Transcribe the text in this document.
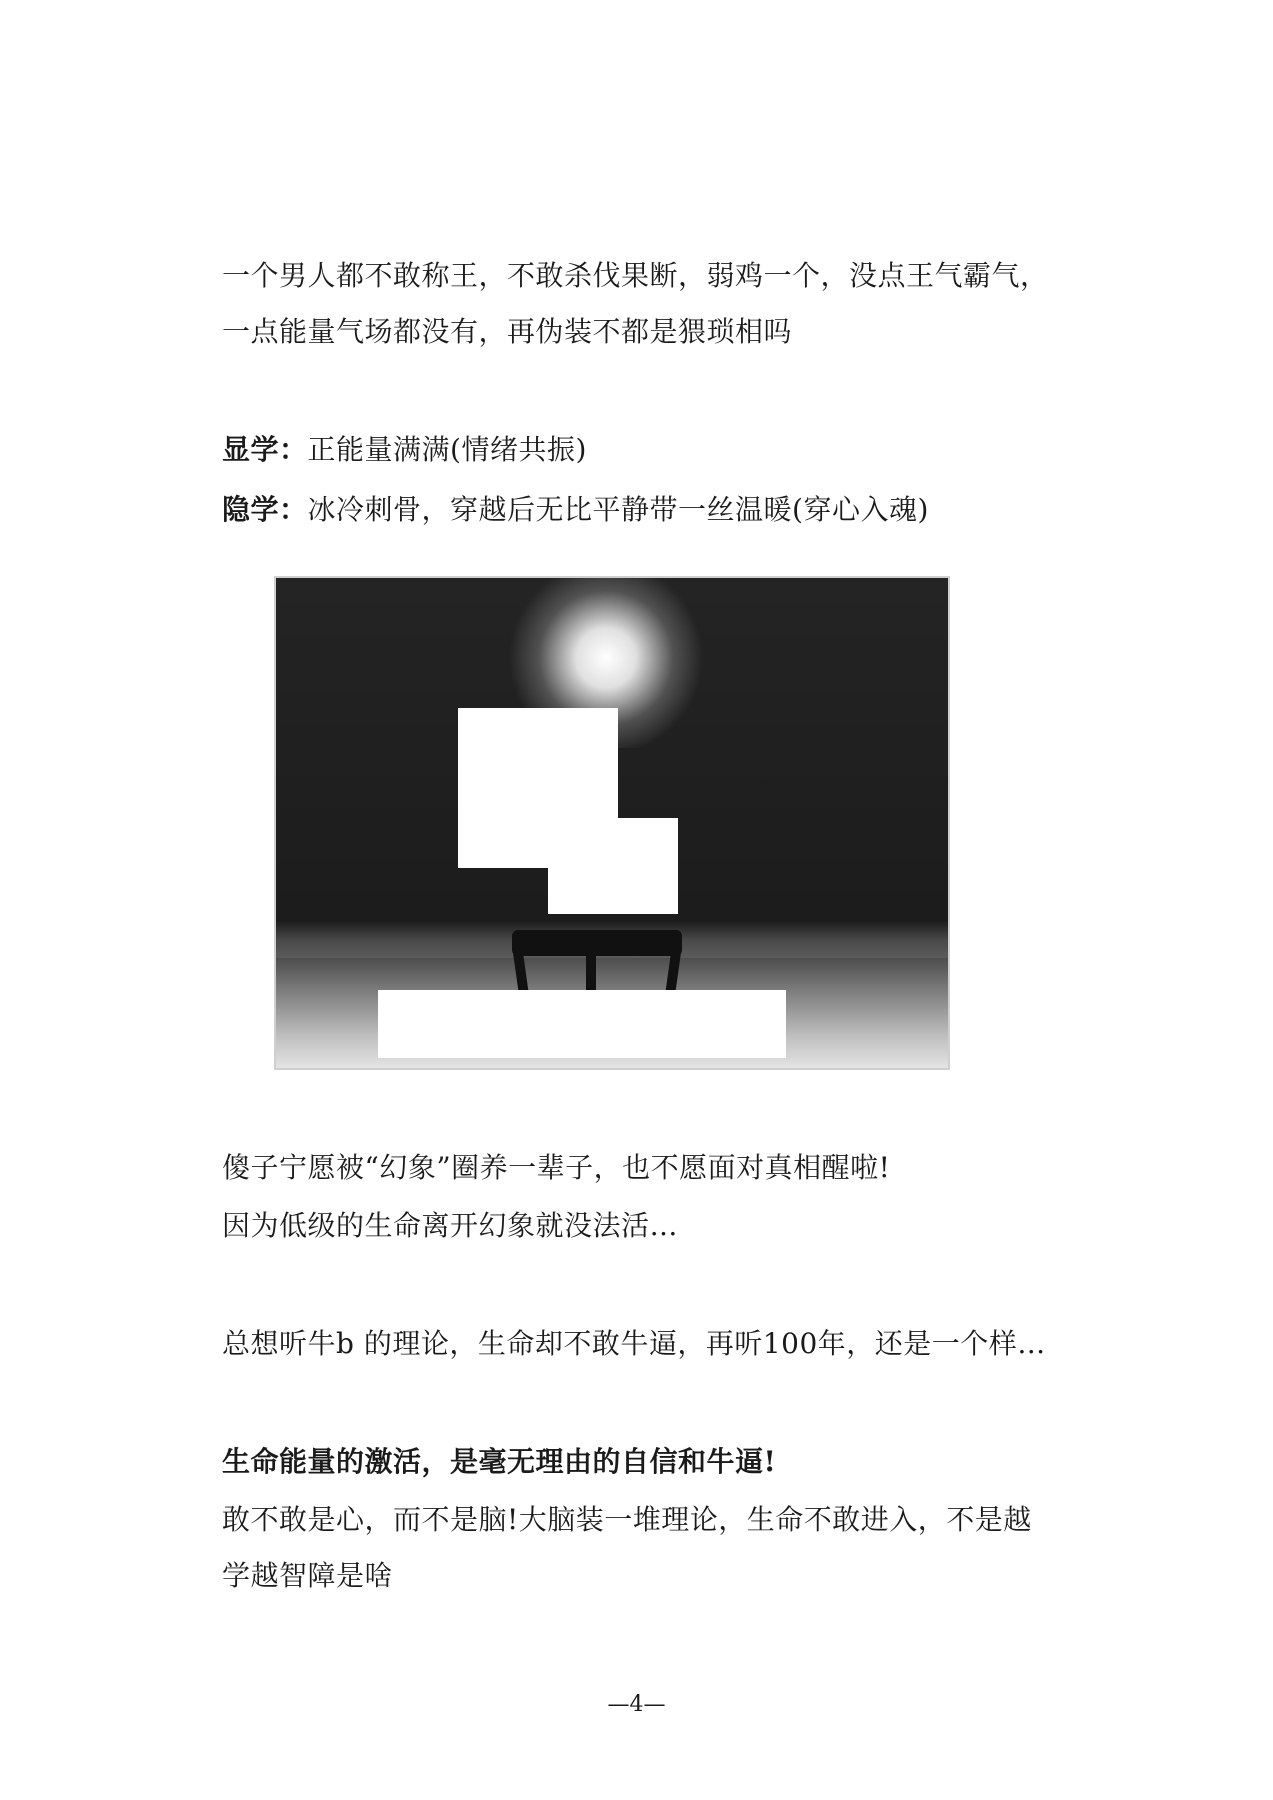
一个男人都不敢称王，不敢杀伐果断，弱鸡一个，没点王气霸气，
一点能量气场都没有，再伪装不都是猥琐相吗
显学：正能量满满(情绪共振)
隐学：冰冷刺骨，穿越后无比平静带一丝温暖(穿心入魂)
傻子宁愿被“幻象”圈养一辈子，也不愿面对真相醒啦!
因为低级的生命离开幻象就没法活…
总想听牛b 的理论，生命却不敢牛逼，再听100年，还是一个样…
生命能量的激活，是毫无理由的自信和牛逼!
敢不敢是心，而不是脑!大脑装一堆理论，生命不敢进入，不是越
学越智障是啥
—4—
